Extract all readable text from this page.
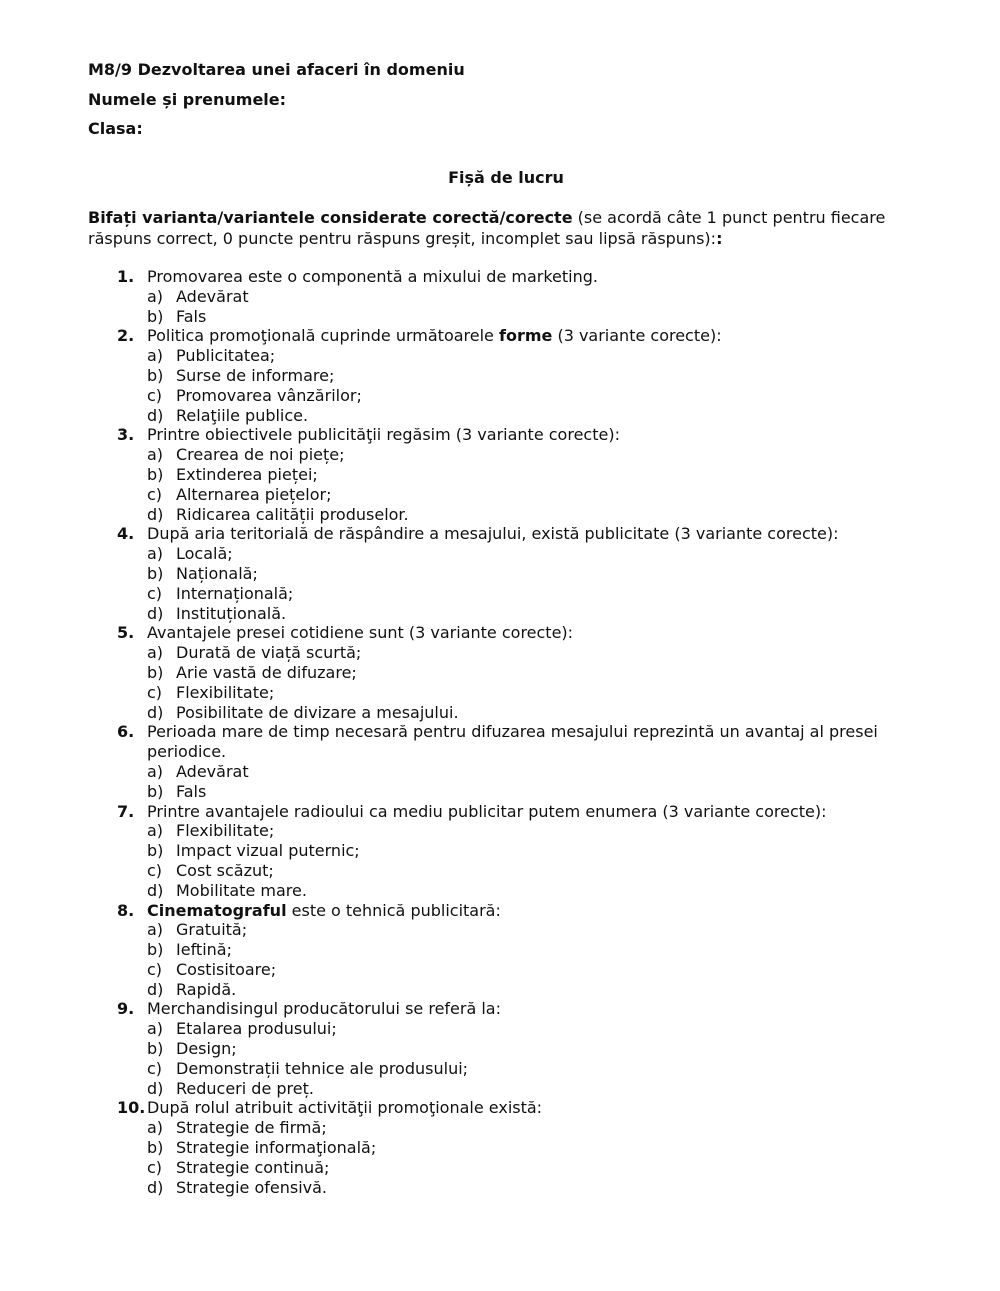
M8/9 Dezvoltarea unei afaceri în domeniu

Numele și prenumele:

Clasa:

Fișă de lucru

Bifați varianta/variantele considerate corectă/corecte (se acordă câte 1 punct pentru fiecare răspuns correct, 0 puncte pentru răspuns greșit, incomplet sau lipsă răspuns)::

1. Promovarea este o componentă a mixului de marketing.
a) Adevărat
b) Fals
2. Politica promoţională cuprinde următoarele forme (3 variante corecte):
a) Publicitatea;
b) Surse de informare;
c) Promovarea vânzărilor;
d) Relaţiile publice.
3. Printre obiectivele publicităţii regăsim (3 variante corecte):
a) Crearea de noi piețe;
b) Extinderea pieței;
c) Alternarea piețelor;
d) Ridicarea calității produselor.
4. După aria teritorială de răspândire a mesajului, există publicitate (3 variante corecte):
a) Locală;
b) Națională;
c) Internațională;
d) Instituțională.
5. Avantajele presei cotidiene sunt (3 variante corecte):
a) Durată de viață scurtă;
b) Arie vastă de difuzare;
c) Flexibilitate;
d) Posibilitate de divizare a mesajului.
6. Perioada mare de timp necesară pentru difuzarea mesajului reprezintă un avantaj al presei periodice.
a) Adevărat
b) Fals
7. Printre avantajele radioului ca mediu publicitar putem enumera (3 variante corecte):
a) Flexibilitate;
b) Impact vizual puternic;
c) Cost scăzut;
d) Mobilitate mare.
8. Cinematograful este o tehnică publicitară:
a) Gratuită;
b) Ieftină;
c) Costisitoare;
d) Rapidă.
9. Merchandisingul producătorului se referă la:
a) Etalarea produsului;
b) Design;
c) Demonstrații tehnice ale produsului;
d) Reduceri de preț.
10. După rolul atribuit activităţii promoţionale există:
a) Strategie de firmă;
b) Strategie informaţională;
c) Strategie continuă;
d) Strategie ofensivă.
